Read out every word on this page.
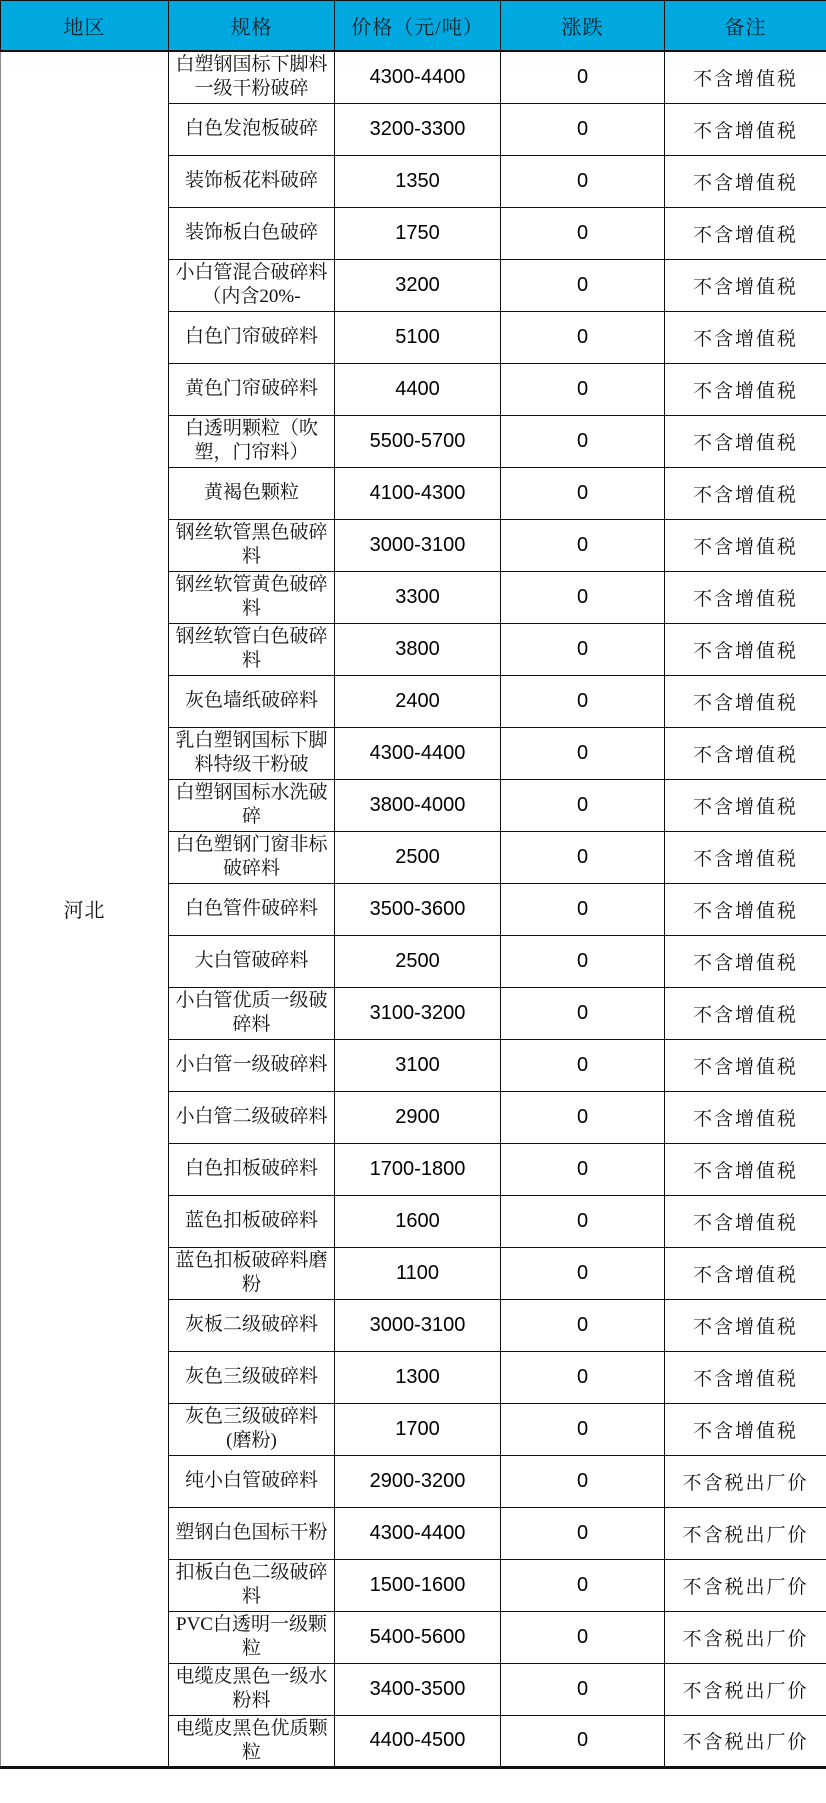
地区	规格	价格（元/吨）	涨跌	备注
河北	白塑钢国标下脚料一级干粉破碎	4300-4400	0	不含增值税
	白色发泡板破碎	3200-3300	0	不含增值税
	装饰板花料破碎	1350	0	不含增值税
	装饰板白色破碎	1750	0	不含增值税
	小白管混合破碎料（内含20%-	3200	0	不含增值税
	白色门帘破碎料	5100	0	不含增值税
	黄色门帘破碎料	4400	0	不含增值税
	白透明颗粒（吹塑，门帘料）	5500-5700	0	不含增值税
	黄褐色颗粒	4100-4300	0	不含增值税
	钢丝软管黑色破碎料	3000-3100	0	不含增值税
	钢丝软管黄色破碎料	3300	0	不含增值税
	钢丝软管白色破碎料	3800	0	不含增值税
	灰色墙纸破碎料	2400	0	不含增值税
	乳白塑钢国标下脚料特级干粉破	4300-4400	0	不含增值税
	白塑钢国标水洗破碎	3800-4000	0	不含增值税
	白色塑钢门窗非标破碎料	2500	0	不含增值税
	白色管件破碎料	3500-3600	0	不含增值税
	大白管破碎料	2500	0	不含增值税
	小白管优质一级破碎料	3100-3200	0	不含增值税
	小白管一级破碎料	3100	0	不含增值税
	小白管二级破碎料	2900	0	不含增值税
	白色扣板破碎料	1700-1800	0	不含增值税
	蓝色扣板破碎料	1600	0	不含增值税
	蓝色扣板破碎料磨粉	1100	0	不含增值税
	灰板二级破碎料	3000-3100	0	不含增值税
	灰色三级破碎料	1300	0	不含增值税
	灰色三级破碎料(磨粉)	1700	0	不含增值税
	纯小白管破碎料	2900-3200	0	不含税出厂价
	塑钢白色国标干粉	4300-4400	0	不含税出厂价
	扣板白色二级破碎料	1500-1600	0	不含税出厂价
	PVC白透明一级颗粒	5400-5600	0	不含税出厂价
	电缆皮黑色一级水粉料	3400-3500	0	不含税出厂价
	电缆皮黑色优质颗粒	4400-4500	0	不含税出厂价
